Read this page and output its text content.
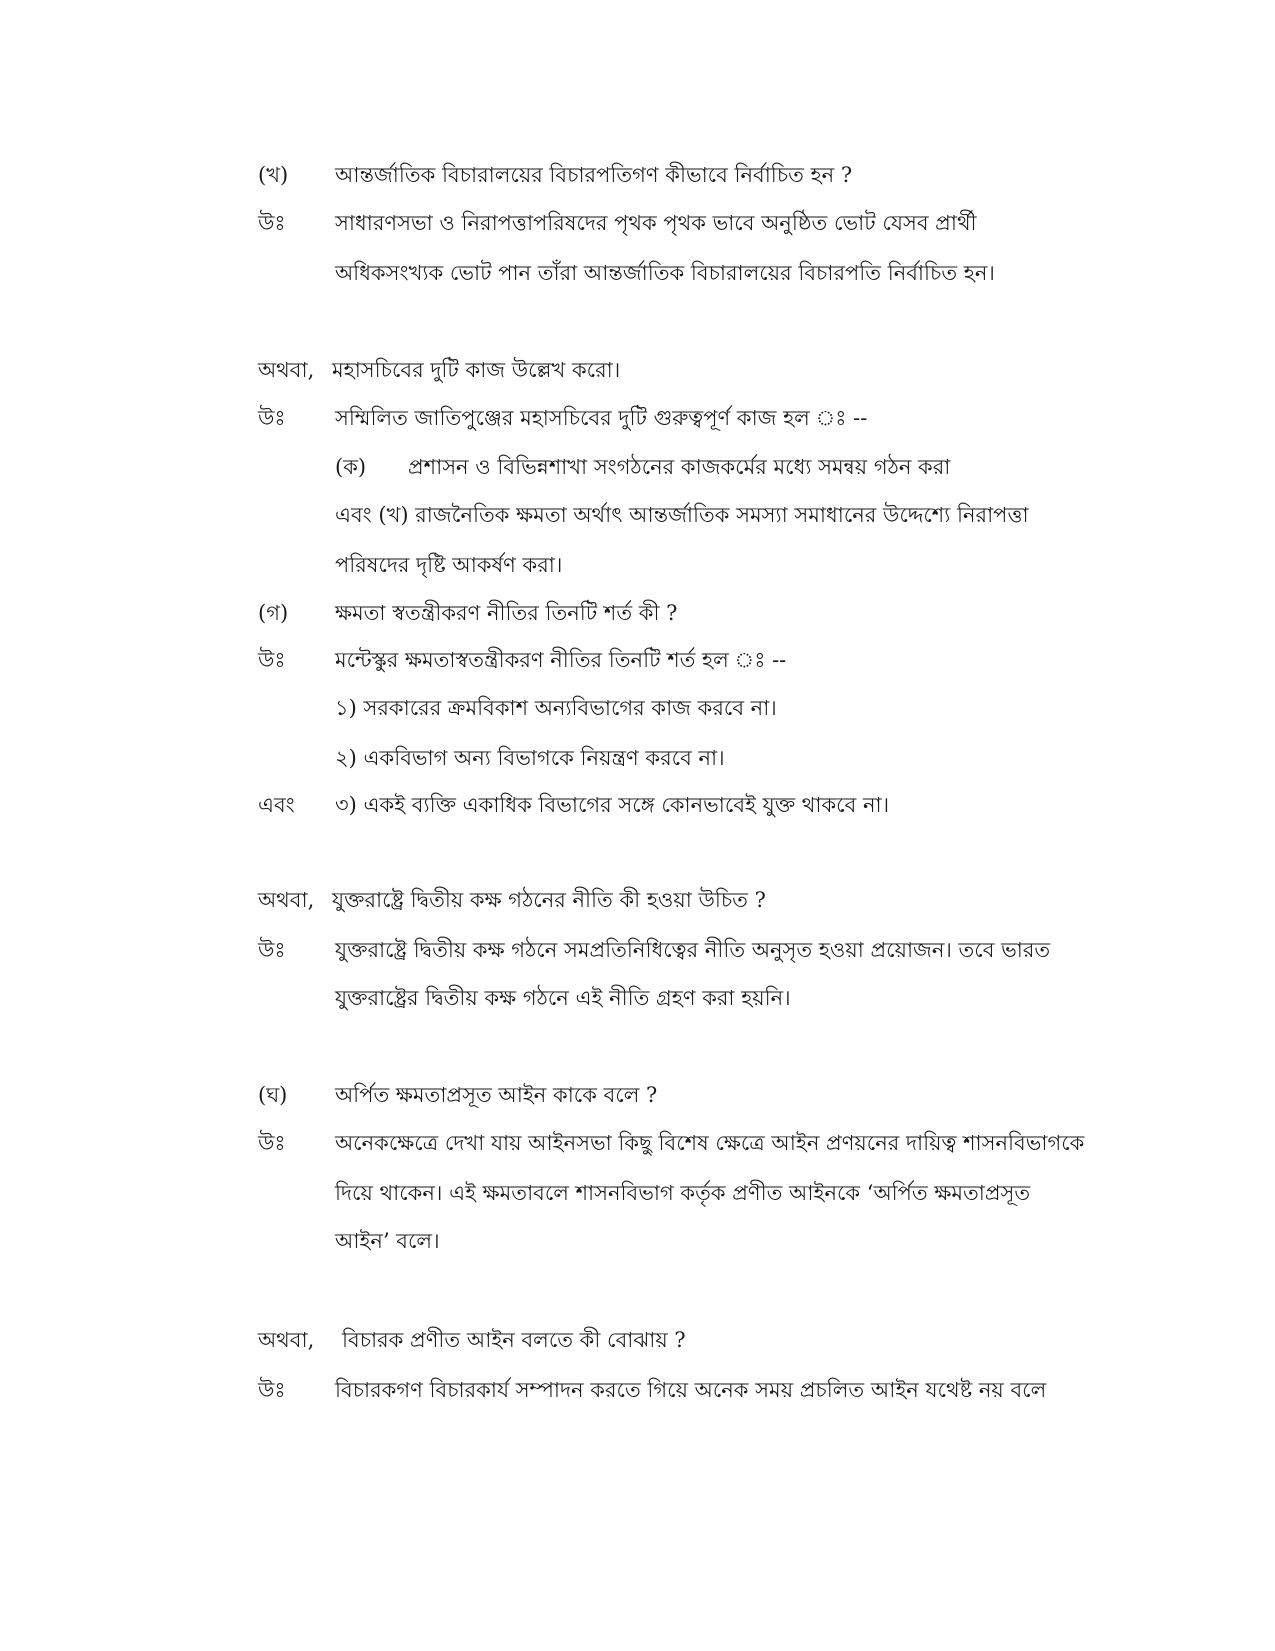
(খ) আন্তর্জাতিক বিচারালয়ের বিচারপতিগণ কীভাবে নির্বাচিত হন ?
উঃ সাধারণসভা ও নিরাপত্তাপরিষদের পৃথক পৃথক ভাবে অনুষ্ঠিত ভোট যেসব প্রার্থী
অধিকসংখ্যক ভোট পান তাঁরা আন্তর্জাতিক বিচারালয়ের বিচারপতি নির্বাচিত হন।
অথবা, মহাসচিবের দুটি কাজ উল্লেখ করো।
উঃ সম্মিলিত জাতিপুঞ্জের মহাসচিবের দুটি গুরুত্বপূর্ণ কাজ হল ঃ --
(ক) প্রশাসন ও বিভিন্নশাখা সংগঠনের কাজকর্মের মধ্যে সমন্বয় গঠন করা
এবং (খ) রাজনৈতিক ক্ষমতা অর্থাৎ আন্তর্জাতিক সমস্যা সমাধানের উদ্দেশ্যে নিরাপত্তা
পরিষদের দৃষ্টি আকর্ষণ করা।
(গ) ক্ষমতা স্বতন্ত্রীকরণ নীতির তিনটি শর্ত কী ?
উঃ মন্টেস্কুর ক্ষমতাস্বতন্ত্রীকরণ নীতির তিনটি শর্ত হল ঃ --
১) সরকারের ক্রমবিকাশ অন্যবিভাগের কাজ করবে না।
২) একবিভাগ অন্য বিভাগকে নিয়ন্ত্রণ করবে না।
এবং ৩) একই ব্যক্তি একাধিক বিভাগের সঙ্গে কোনভাবেই যুক্ত থাকবে না।
অথবা, যুক্তরাষ্ট্রে দ্বিতীয় কক্ষ গঠনের নীতি কী হওয়া উচিত ?
উঃ যুক্তরাষ্ট্রে দ্বিতীয় কক্ষ গঠনে সমপ্রতিনিধিত্বের নীতি অনুসৃত হওয়া প্রয়োজন। তবে ভারত
যুক্তরাষ্ট্রের দ্বিতীয় কক্ষ গঠনে এই নীতি গ্রহণ করা হয়নি।
(ঘ) অর্পিত ক্ষমতাপ্রসূত আইন কাকে বলে ?
উঃ অনেকক্ষেত্রে দেখা যায় আইনসভা কিছু বিশেষ ক্ষেত্রে আইন প্রণয়নের দায়িত্ব শাসনবিভাগকে
দিয়ে থাকেন। এই ক্ষমতাবলে শাসনবিভাগ কর্তৃক প্রণীত আইনকে ‘অর্পিত ক্ষমতাপ্রসূত
আইন’ বলে।
অথবা, বিচারক প্রণীত আইন বলতে কী বোঝায় ?
উঃ বিচারকগণ বিচারকার্য সম্পাদন করতে গিয়ে অনেক সময় প্রচলিত আইন যথেষ্ট নয় বলে
